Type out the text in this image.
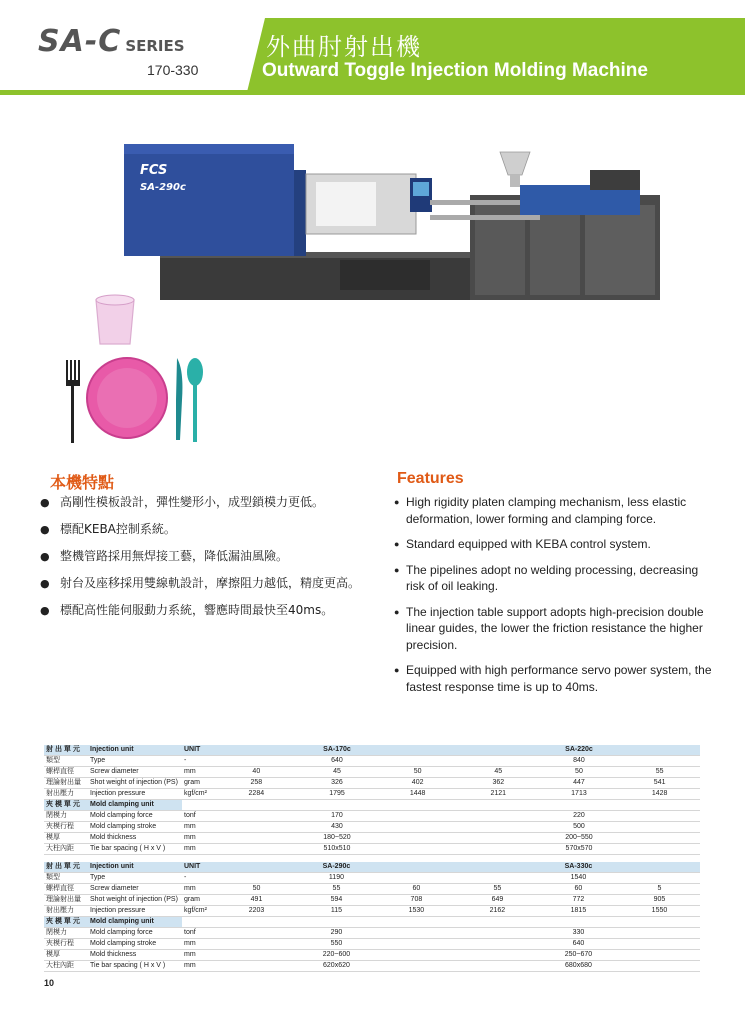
SA-C SERIES
170-330
外曲肘射出機
Outward Toggle Injection Molding Machine
FCS
SA-290c
本機特點
● 高剛性模板設計，彈性變形小，成型鎖模力更低。
● 標配KEBA控制系統。
● 整機管路採用無焊接工藝，降低漏油風險。
● 射台及座移採用雙線軌設計，摩擦阻力越低，精度更高。
● 標配高性能伺服動力系統，響應時間最快至40ms。
Features
● High rigidity platen clamping mechanism, less elastic deformation, lower forming and clamping force.
● Standard equipped with KEBA control system.
● The pipelines adopt no welding processing, decreasing risk of oil leaking.
● The injection table support adopts high-precision double linear guides, the lower the friction resistance the higher precision.
● Equipped with high performance servo power system, the fastest response time is up to 40ms.
射 出 單 元	Injection unit	UNIT	SA-170c			SA-220c		
類型	Type	-		640			840	
螺桿直徑	Screw diameter	mm	40	45	50	45	50	55
理論射出量	Shot weight of injection (PS)	gram	258	326	402	362	447	541
射出壓力	Injection pressure	kgf/cm²	2284	1795	1448	2121	1713	1428
夾 模 單 元	Mold clamping unit							
閉模力	Mold clamping force	tonf	170			220		
夾模行程	Mold clamping stroke	mm	430			500		
模厚	Mold thickness	mm	180~520			200~550		
大柱內距	Tie bar spacing ( H x V )	mm	510x510			570x570		
射 出 單 元	Injection unit	UNIT	SA-290c			SA-330c		
類型	Type	-		1190			1540	
螺桿直徑	Screw diameter	mm	50	55	60	55	60	5
理論射出量	Shot weight of injection (PS)	gram	491	594	708	649	772	905
射出壓力	Injection pressure	kgf/cm²	2203	115	1530	2162	1815	1550
夾 模 單 元	Mold clamping unit							
閉模力	Mold clamping force	tonf	290			330		
夾模行程	Mold clamping stroke	mm	550			640		
模厚	Mold thickness	mm	220~600			250~670		
大柱內距	Tie bar spacing ( H x V )	mm	620x620			680x680		
10
